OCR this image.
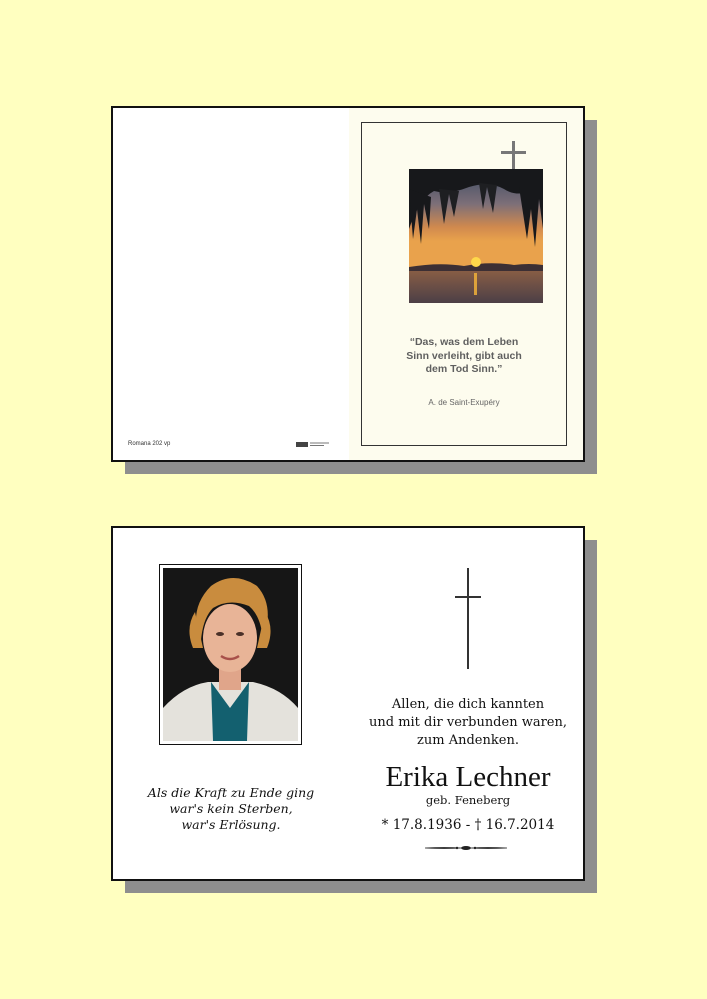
Romana 202 vp
“Das, was dem Leben
Sinn verleiht, gibt auch
dem Tod Sinn.”
A. de Saint-Exupéry
Als die Kraft zu Ende ging
war's kein Sterben,
war's Erlösung.
Allen, die dich kannten
und mit dir verbunden waren,
zum Andenken.
Erika Lechner
geb. Feneberg
* 17.8.1936 - † 16.7.2014
